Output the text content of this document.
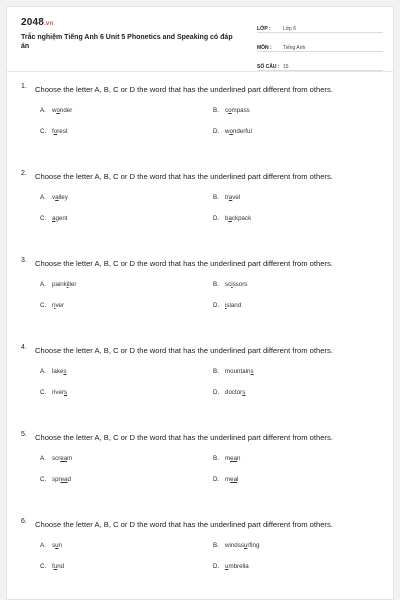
2048.vn
Trắc nghiệm Tiếng Anh 6 Unit 5 Phonetics and Speaking có đáp án
LỚP :	Lớp 6
MÔN :	Tiếng Anh
SỐ CÂU : 15
1. Choose the letter A, B, C or D the word that has the underlined part different from others.
A. wonder	B. compass
C. forest	D. wonderful
2. Choose the letter A, B, C or D the word that has the underlined part different from others.
A. valley	B. travel
C. agent	D. backpack
3. Choose the letter A, B, C or D the word that has the underlined part different from others.
A. painkiller	B. scissors
C. river	D. island
4. Choose the letter A, B, C or D the word that has the underlined part different from others.
A. lakes	B. mountains
C. rivers	D. doctors
5. Choose the letter A, B, C or D the word that has the underlined part different from others.
A. scream	B. mean
C. spread	D. meal
6. Choose the letter A, B, C or D the word that has the underlined part different from others.
A. sun	B. windssurfing
C. fund	D. umbrella
